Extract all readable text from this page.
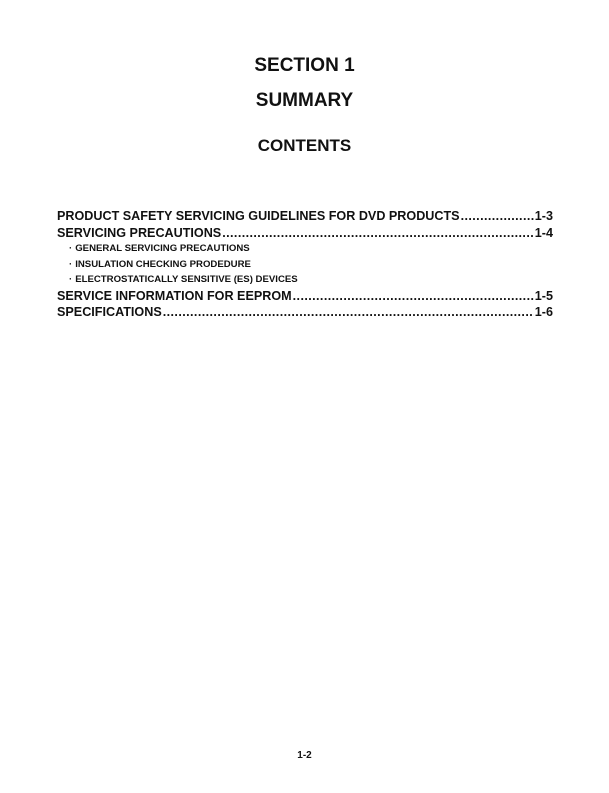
SECTION 1
SUMMARY
CONTENTS
PRODUCT SAFETY SERVICING GUIDELINES FOR DVD PRODUCTS .....	1-3
SERVICING PRECAUTIONS .....	1-4
· GENERAL SERVICING PRECAUTIONS
· INSULATION CHECKING PRODEDURE
· ELECTROSTATICALLY SENSITIVE (ES) DEVICES
SERVICE INFORMATION FOR EEPROM .....	1-5
SPECIFICATIONS .....	1-6
1-2
